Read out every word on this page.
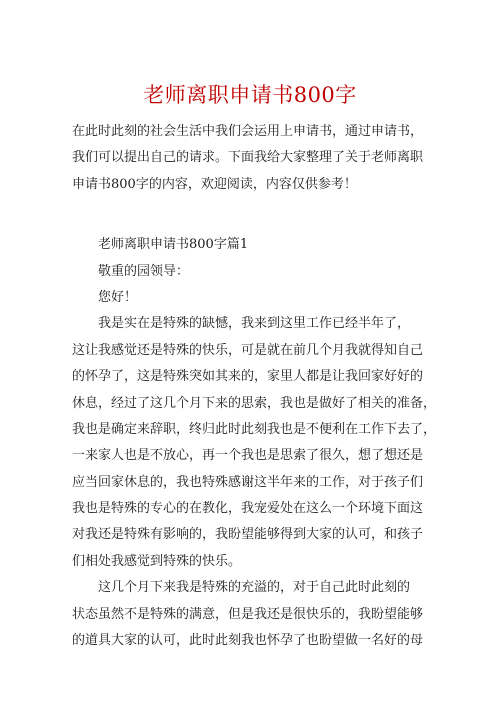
老师离职申请书800字
在此时此刻的社会生活中我们会运用上申请书，通过申请书，
我们可以提出自己的请求。下面我给大家整理了关于老师离职
申请书800字的内容，欢迎阅读，内容仅供参考！
老师离职申请书800字篇1
敬重的园领导：
您好！
我是实在是特殊的缺憾，我来到这里工作已经半年了，
这让我感觉还是特殊的快乐，可是就在前几个月我就得知自己
的怀孕了，这是特殊突如其来的，家里人都是让我回家好好的
休息，经过了这几个月下来的思索，我也是做好了相关的准备，
我也是确定来辞职，终归此时此刻我也是不便利在工作下去了，
一来家人也是不放心，再一个我也是思索了很久，想了想还是
应当回家休息的，我也特殊感谢这半年来的工作，对于孩子们
我也是特殊的专心的在教化，我宠爱处在这么一个环境下面这
对我还是特殊有影响的，我盼望能够得到大家的认可，和孩子
们相处我感觉到特殊的快乐。
这几个月下来我是特殊的充溢的，对于自己此时此刻的
状态虽然不是特殊的满意，但是我还是很快乐的，我盼望能够
的道具大家的认可，此时此刻我也怀孕了也盼望做一名好的母
